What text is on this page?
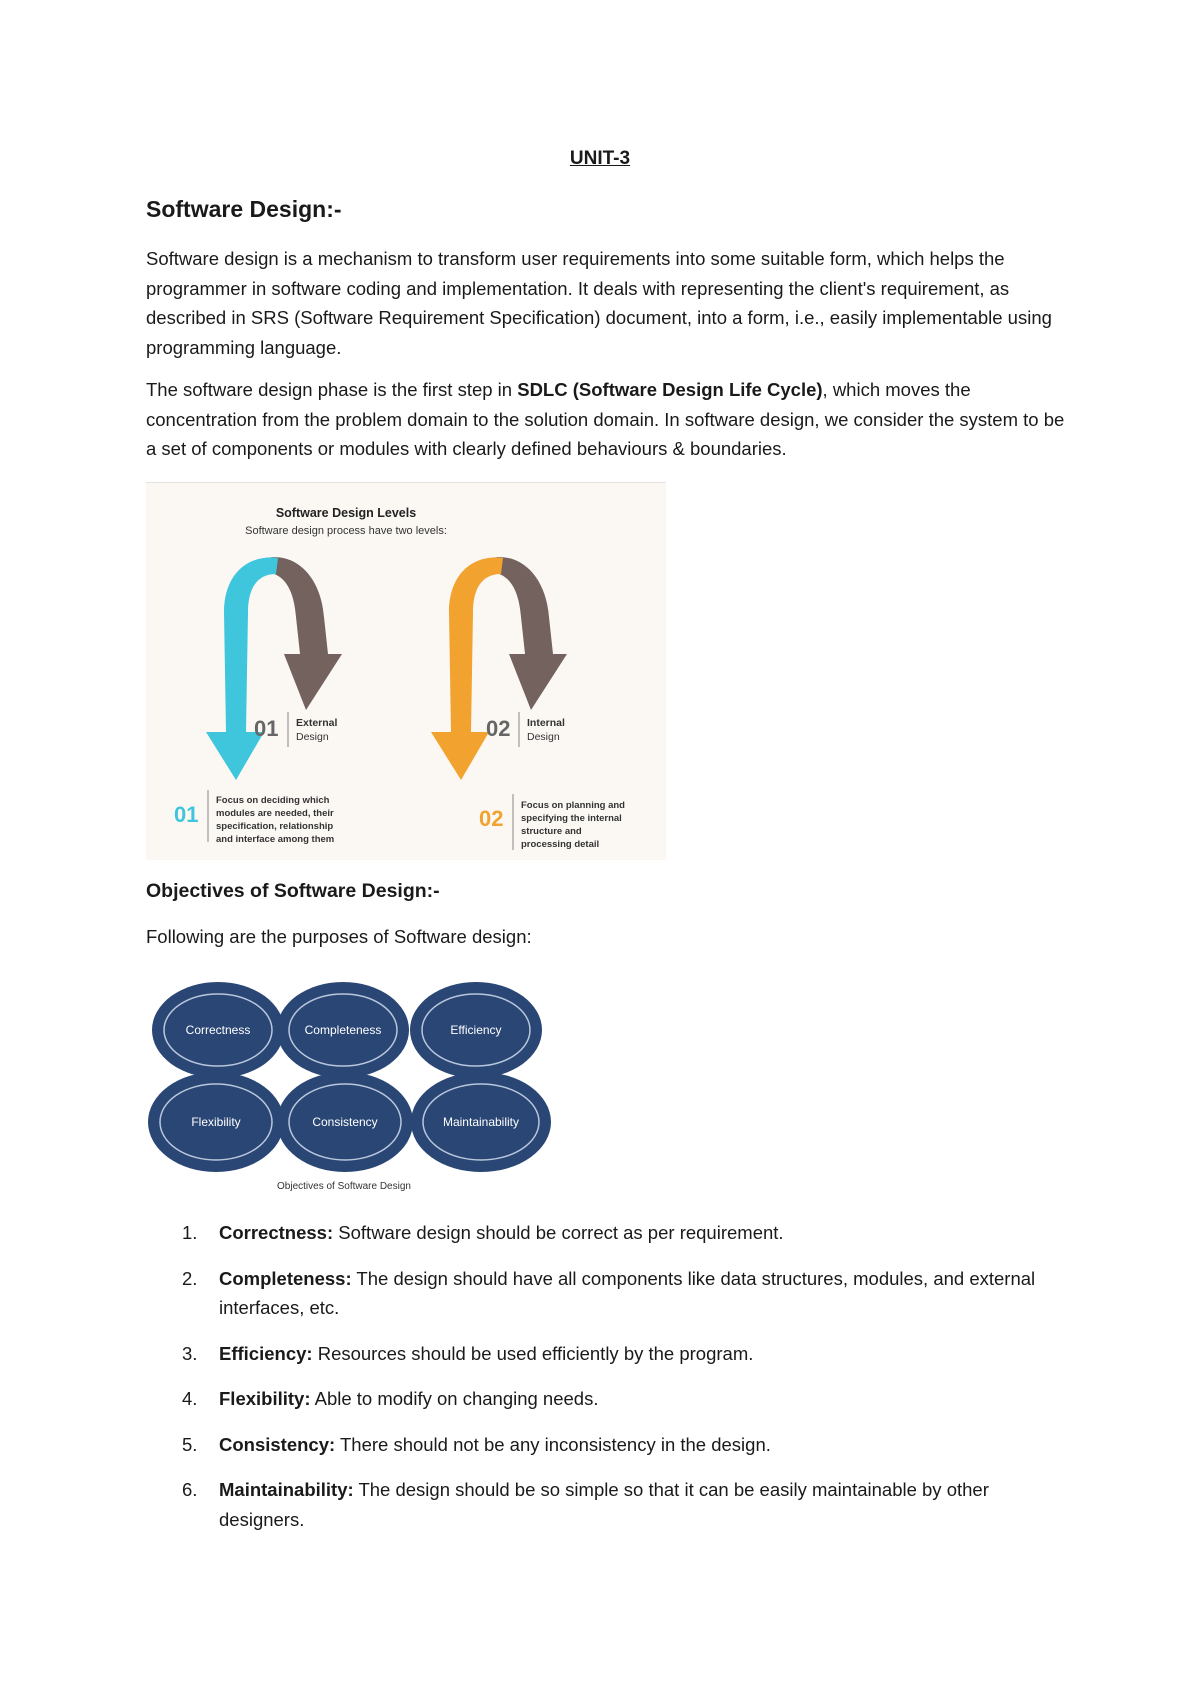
UNIT-3
Software Design:-
Software design is a mechanism to transform user requirements into some suitable form, which helps the programmer in software coding and implementation. It deals with representing the client's requirement, as described in SRS (Software Requirement Specification) document, into a form, i.e., easily implementable using programming language.
The software design phase is the first step in SDLC (Software Design Life Cycle), which moves the concentration from the problem domain to the solution domain. In software design, we consider the system to be a set of components or modules with clearly defined behaviours & boundaries.
Software Design Levels
Software design process have two levels:
01 External
Design	02 Internal
Design
01
Focus on deciding which
modules are needed, their
specification, relationship
and interface among them
02
Focus on planning and
specifying the internal
structure and
processing detail
Objectives of Software Design:-
Following are the purposes of Software design:
Correctness	Completeness	Efficiency
Flexibility	Consistency	Maintainability
Objectives of Software Design
1. Correctness: Software design should be correct as per requirement.
2. Completeness: The design should have all components like data structures, modules, and external interfaces, etc.
3. Efficiency: Resources should be used efficiently by the program.
4. Flexibility: Able to modify on changing needs.
5. Consistency: There should not be any inconsistency in the design.
6. Maintainability: The design should be so simple so that it can be easily maintainable by other designers.
